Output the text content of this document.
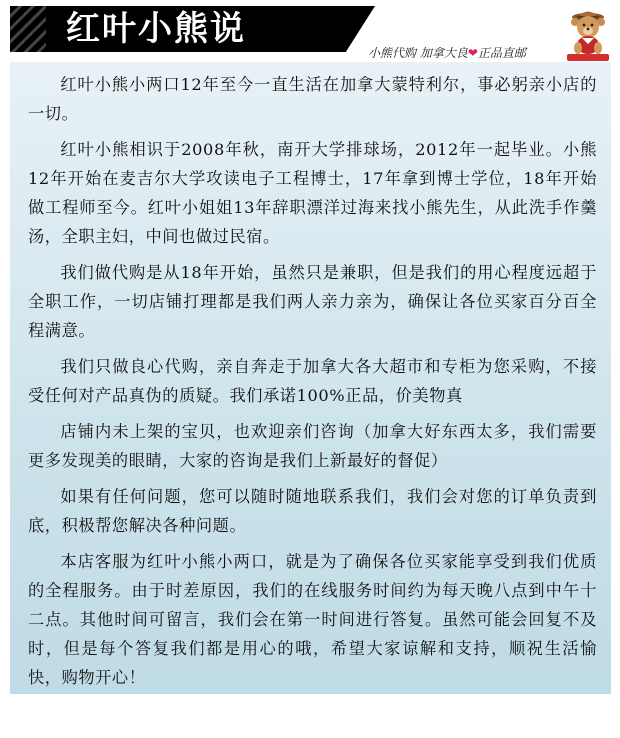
红叶小熊说
小熊代购 加拿大良❤正品直邮

红叶小熊小两口12年至今一直生活在加拿大蒙特利尔，事必躬亲小店的一切。

红叶小熊相识于2008年秋，南开大学排球场，2012年一起毕业。小熊12年开始在麦吉尔大学攻读电子工程博士，17年拿到博士学位，18年开始做工程师至今。红叶小姐姐13年辞职漂洋过海来找小熊先生，从此洗手作羹汤，全职主妇，中间也做过民宿。

我们做代购是从18年开始，虽然只是兼职，但是我们的用心程度远超于全职工作，一切店铺打理都是我们两人亲力亲为，确保让各位买家百分百全程满意。

我们只做良心代购，亲自奔走于加拿大各大超市和专柜为您采购，不接受任何对产品真伪的质疑。我们承诺100%正品，价美物真

店铺内未上架的宝贝，也欢迎亲们咨询（加拿大好东西太多，我们需要更多发现美的眼睛，大家的咨询是我们上新最好的督促）

如果有任何问题，您可以随时随地联系我们，我们会对您的订单负责到底，积极帮您解决各种问题。

本店客服为红叶小熊小两口，就是为了确保各位买家能享受到我们优质的全程服务。由于时差原因，我们的在线服务时间约为每天晚八点到中午十二点。其他时间可留言，我们会在第一时间进行答复。虽然可能会回复不及时，但是每个答复我们都是用心的哦，希望大家谅解和支持，顺祝生活愉快，购物开心！
